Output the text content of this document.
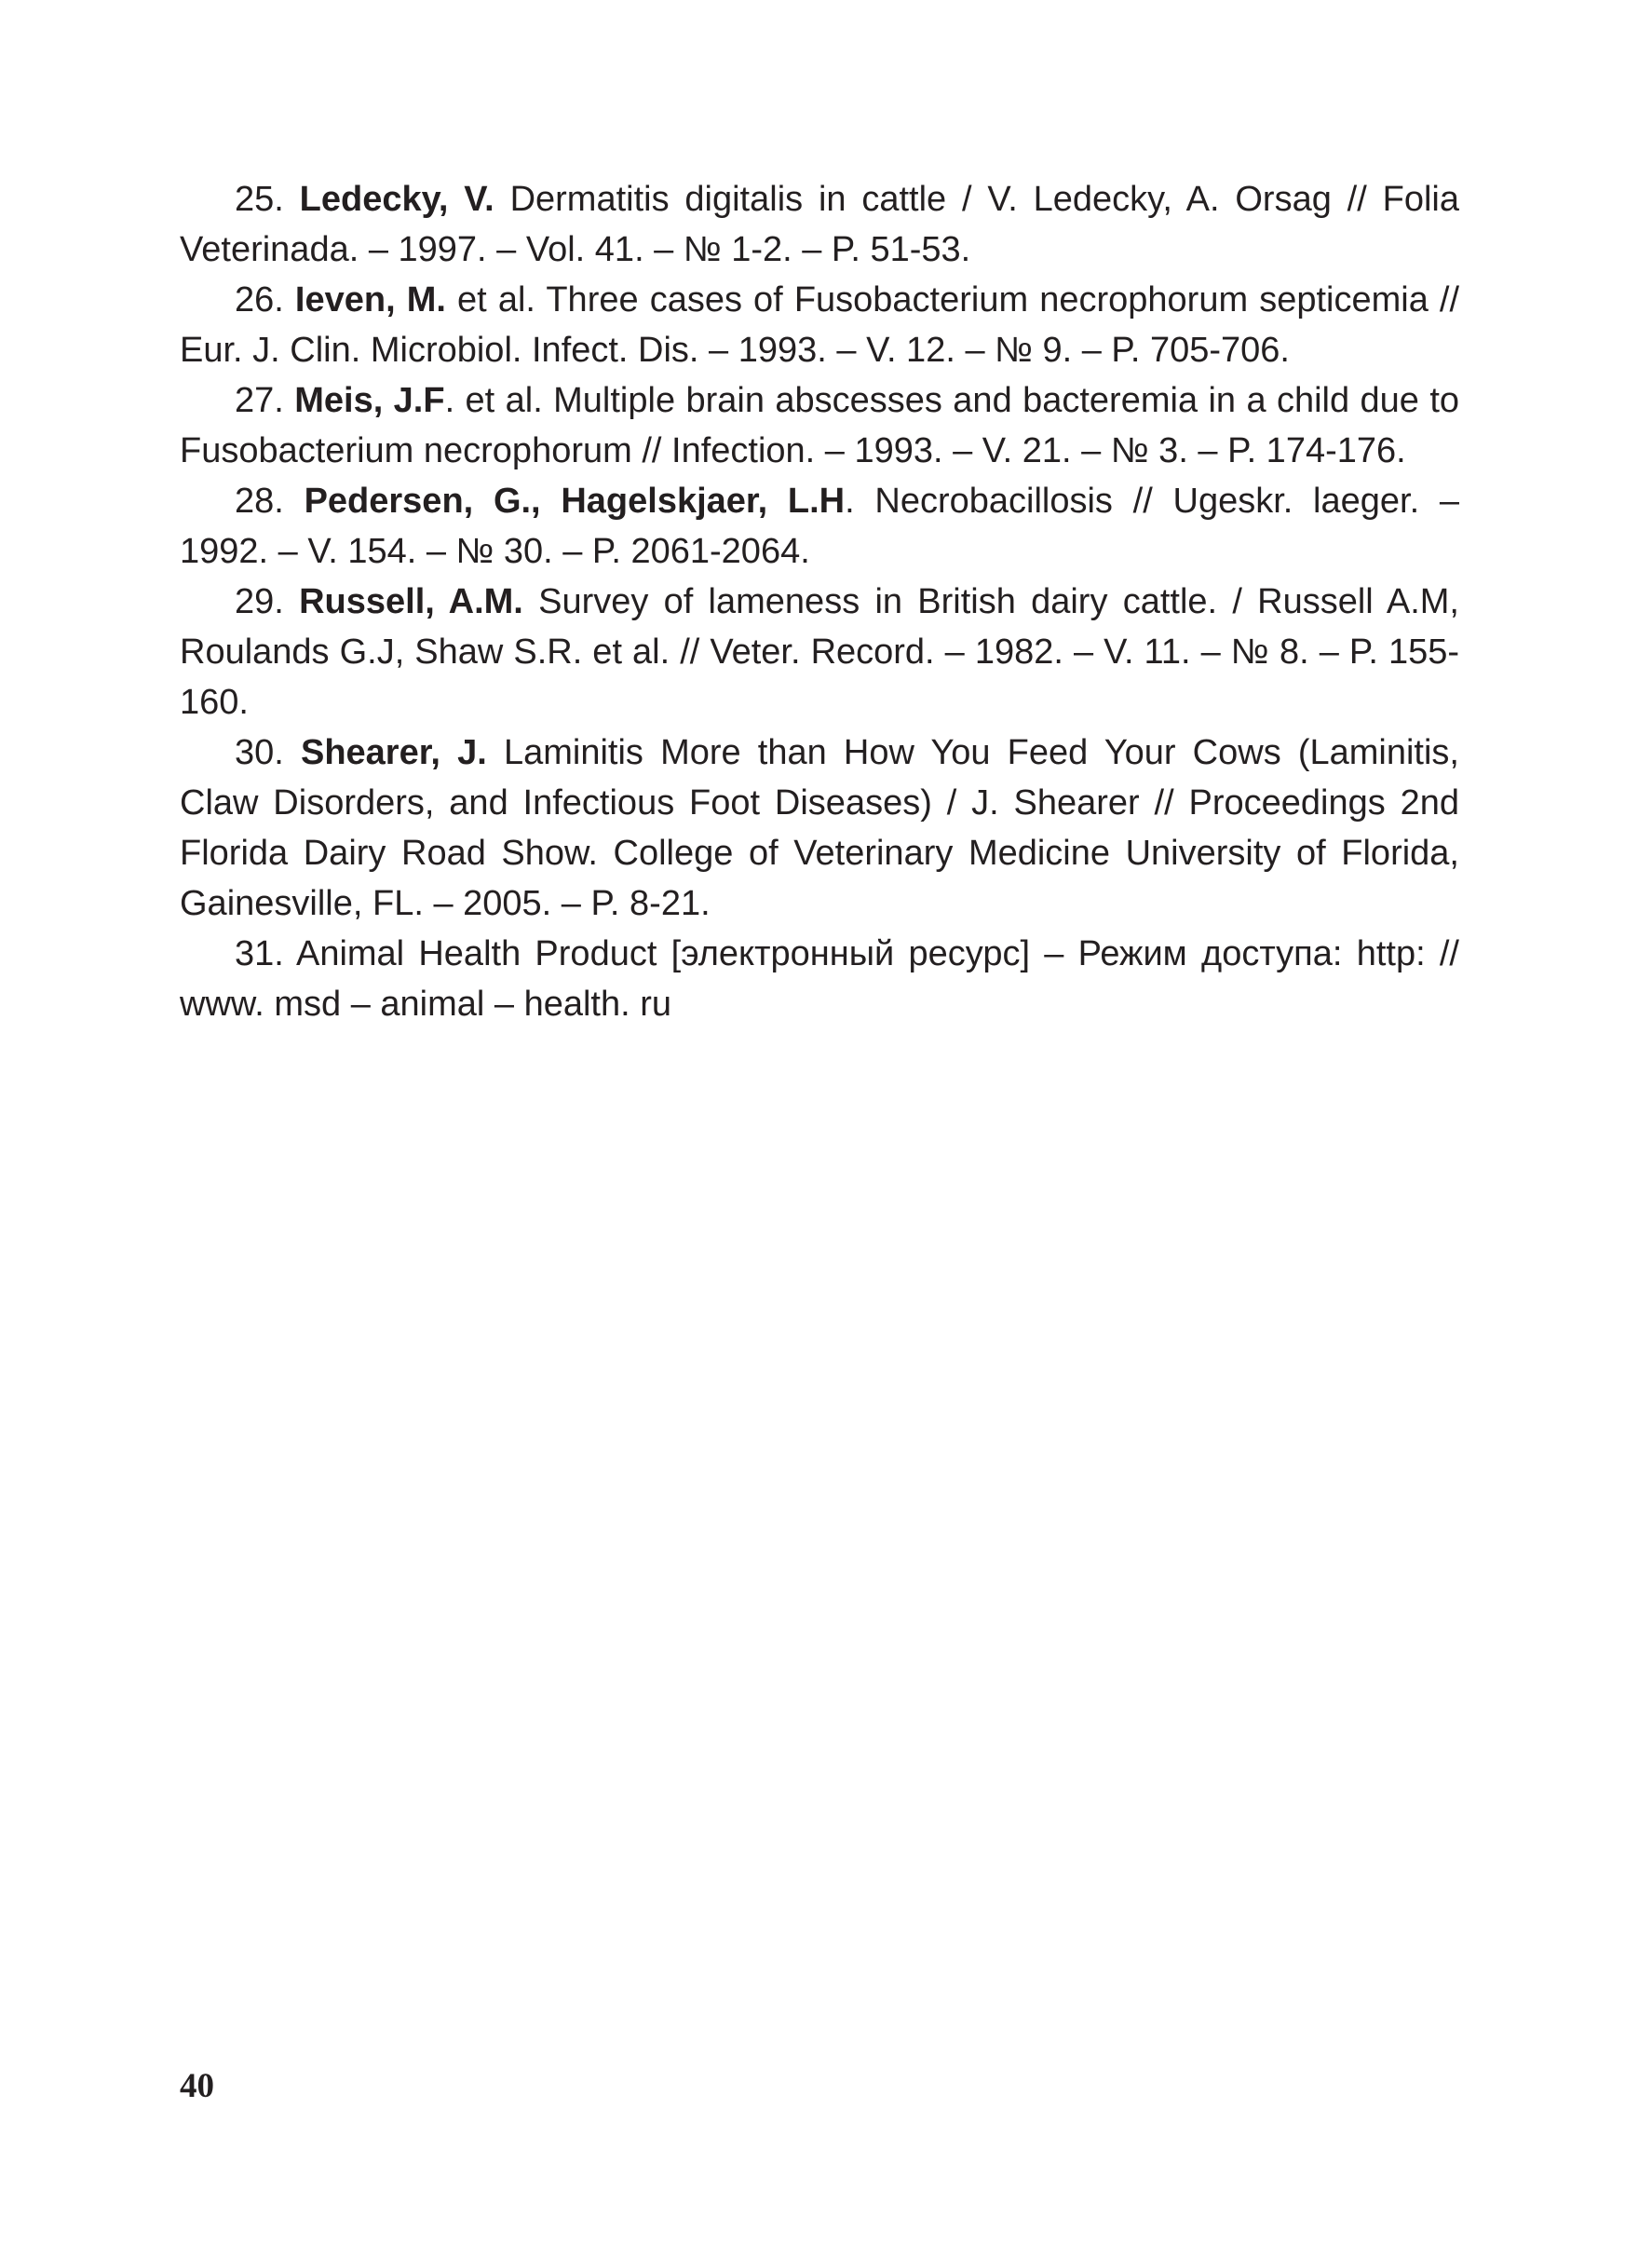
25. Ledecky, V. Dermatitis digitalis in cattle / V. Ledecky, A. Orsag // Folia Veterinada. – 1997. – Vol. 41. – № 1-2. – P. 51-53.

26. Ieven, M. et al. Three cases of Fusobacterium necrophorum septicemia // Eur. J. Clin. Microbiol. Infect. Dis. – 1993. – V. 12. – № 9. – P. 705-706.

27. Meis, J.F. et al. Multiple brain abscesses and bacteremia in a child due to Fusobacterium necrophorum // Infection. – 1993. – V. 21. – № 3. – P. 174-176.

28. Pedersen, G., Hagelskjaer, L.H. Necrobacillosis // Ugeskr. laeger. – 1992. – V. 154. – № 30. – P. 2061-2064.

29. Russell, A.M. Survey of lameness in British dairy cattle. / Russell A.M, Roulands G.J, Shaw S.R. et al. // Veter. Record. – 1982. – V. 11. – № 8. – P. 155-160.

30. Shearer, J. Laminitis More than How You Feed Your Cows (Laminitis, Claw Disorders, and Infectious Foot Diseases) / J. Shearer // Proceedings 2nd Florida Dairy Road Show. College of Veterinary Medicine University of Florida, Gainesville, FL. – 2005. – P. 8-21.

31. Animal Health Product [электронный ресурс] – Режим доступа: http: // www. msd – animal – health. ru

40
